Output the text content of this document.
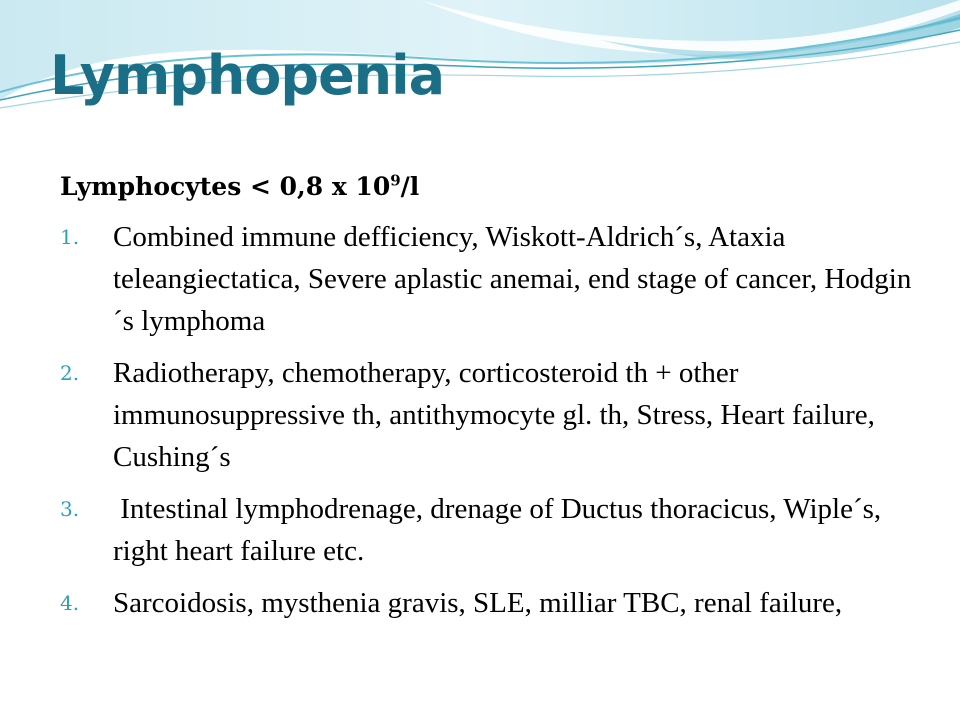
Lymphopenia
Lymphocytes < 0,8 x $10^9/l$
1. Combined immune defficiency, Wiskott-Aldrich´s, Ataxia teleangiectatica, Severe aplastic anemai, end stage of cancer, Hodgin´s lymphoma
2. Radiotherapy, chemotherapy, corticosteroid th + other immunosuppressive th, antithymocyte gl. th, Stress, Heart failure, Cushing´s
3. Intestinal lymphodrenage, drenage of Ductus thoracicus, Wiple´s, right heart failure etc.
4. Sarcoidosis, mysthenia gravis, SLE, milliar TBC, renal failure,
